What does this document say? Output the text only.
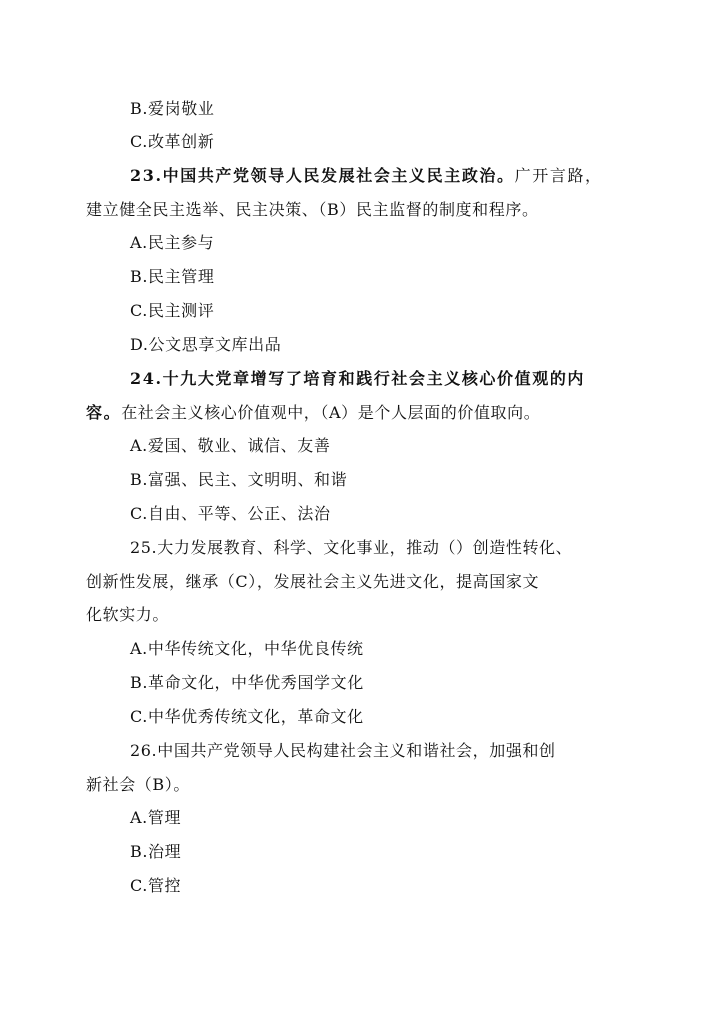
B.爱岗敬业
C.改革创新
23.中国共产党领导人民发展社会主义民主政治。广开言路，
建立健全民主选举、民主决策、（B）民主监督的制度和程序。
A.民主参与
B.民主管理
C.民主测评
D.公文思享文库出品
24.十九大党章增写了培育和践行社会主义核心价值观的内
容。在社会主义核心价值观中，（A）是个人层面的价值取向。
A.爱国、敬业、诚信、友善
B.富强、民主、文明明、和谐
C.自由、平等、公正、法治
25.大力发展教育、科学、文化事业，推动（）创造性转化、
创新性发展，继承（C），发展社会主义先进文化，提高国家文
化软实力。
A.中华传统文化，中华优良传统
B.革命文化，中华优秀国学文化
C.中华优秀传统文化，革命文化
26.中国共产党领导人民构建社会主义和谐社会，加强和创
新社会（B）。
A.管理
B.治理
C.管控
